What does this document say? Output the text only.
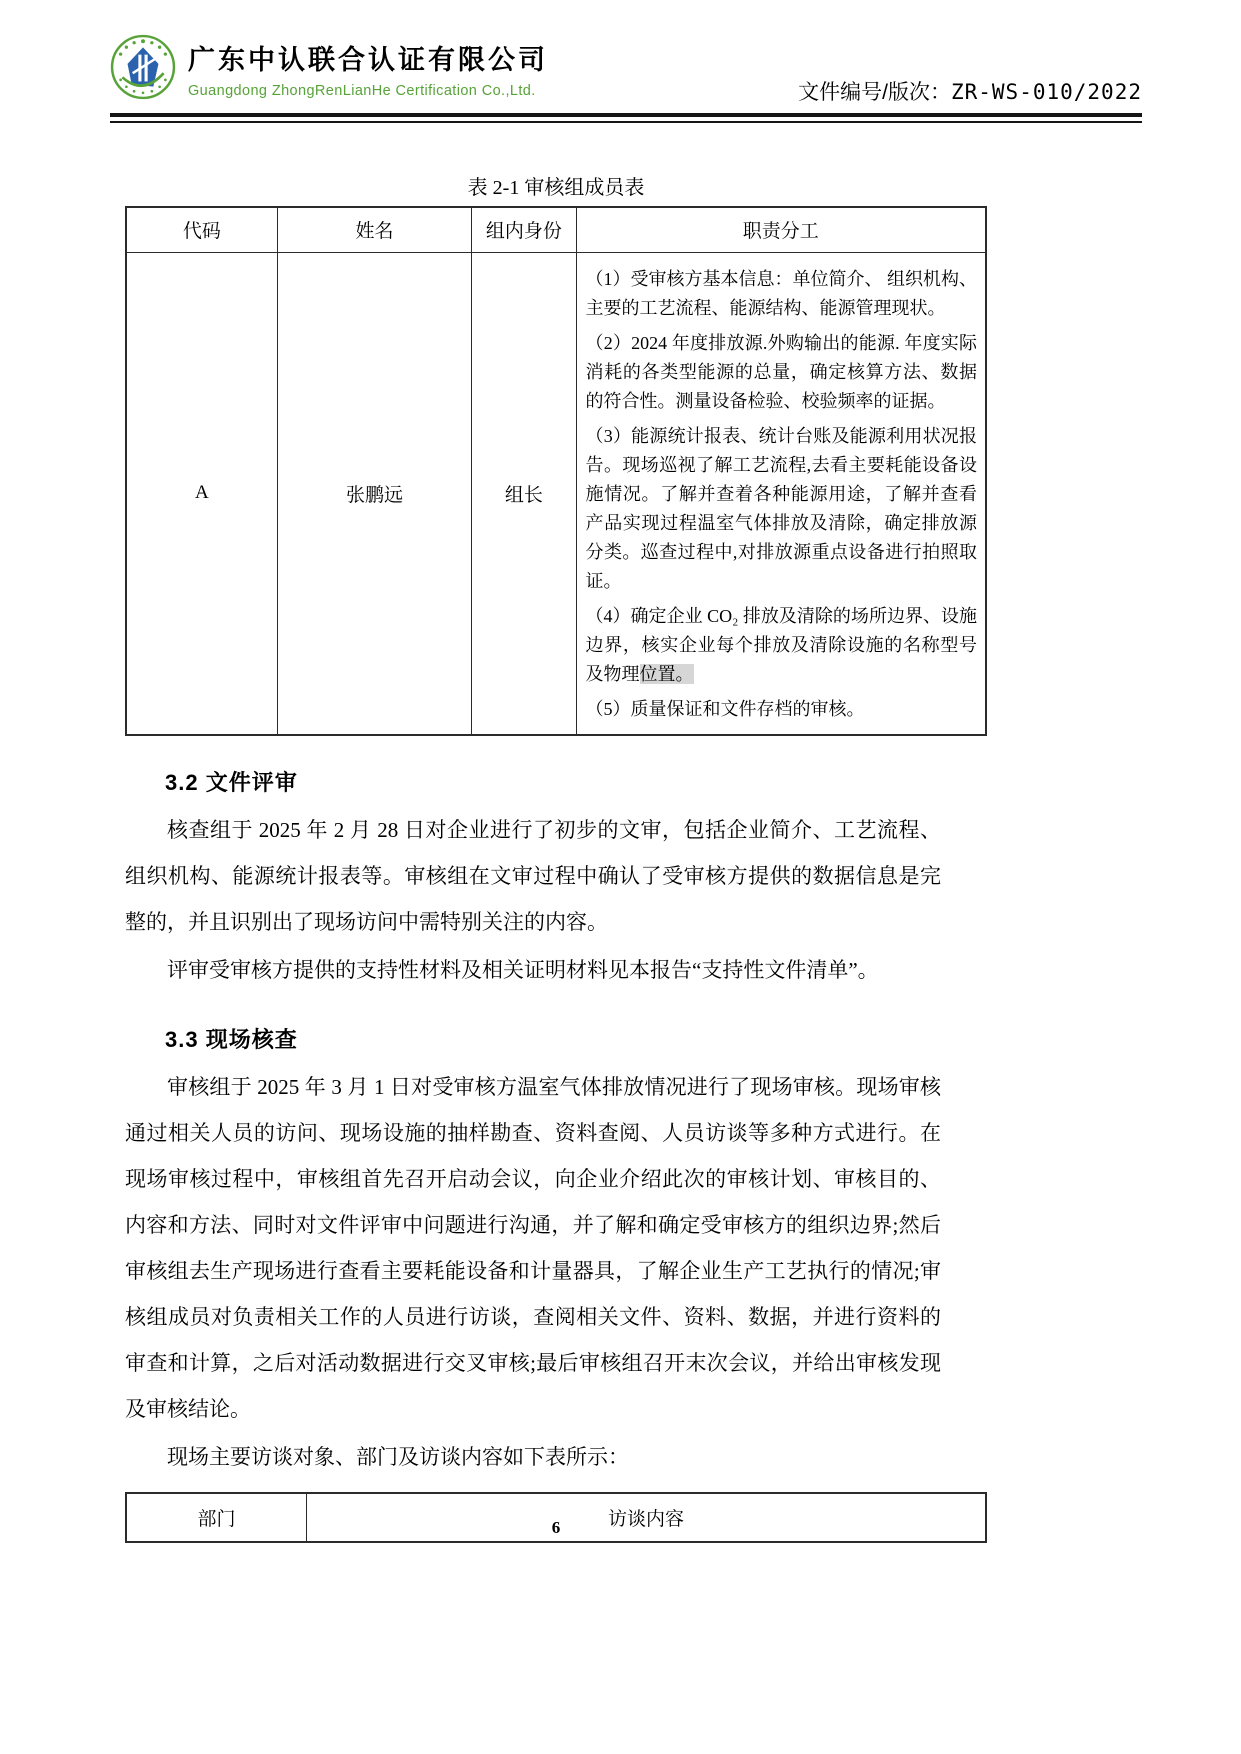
广东中认联合认证有限公司
Guangdong ZhongRenLianHe Certification Co.,Ltd.	文件编号/版次：ZR-WS-010/2022
表 2-1 审核组成员表
代码	姓名	组内身份	职责分工
A	张鹏远	组长	（1）受审核方基本信息：单位简介、 组织机构、主要的工艺流程、能源结构、能源管理现状。

（2）2024 年度排放源.外购输出的能源. 年度实际消耗的各类型能源的总量，确定核算方法、数据的符合性。测量设备检验、校验频率的证据。

（3）能源统计报表、统计台账及能源利用状况报告。现场巡视了解工艺流程,去看主要耗能设备设施情况。了解并查着各种能源用途，了解并查看产品实现过程温室气体排放及清除，确定排放源分类。巡查过程中,对排放源重点设备进行拍照取证。

（4）确定企业 CO₂ 排放及清除的场所边界、设施边界，核实企业每个排放及清除设施的名称型号及物理位置。

（5）质量保证和文件存档的审核。

3.2 文件评审

核查组于 2025 年 2 月 28 日对企业进行了初步的文审，包括企业简介、工艺流程、组织机构、能源统计报表等。审核组在文审过程中确认了受审核方提供的数据信息是完整的，并且识别出了现场访问中需特别关注的内容。

评审受审核方提供的支持性材料及相关证明材料见本报告“支持性文件清单”。

3.3 现场核查

审核组于 2025 年 3 月 1 日对受审核方温室气体排放情况进行了现场审核。现场审核通过相关人员的访问、现场设施的抽样勘查、资料查阅、人员访谈等多种方式进行。在现场审核过程中，审核组首先召开启动会议，向企业介绍此次的审核计划、审核目的、内容和方法、同时对文件评审中问题进行沟通，并了解和确定受审核方的组织边界;然后审核组去生产现场进行查看主要耗能设备和计量器具，了解企业生产工艺执行的情况;审核组成员对负责相关工作的人员进行访谈，查阅相关文件、资料、数据，并进行资料的审查和计算，之后对活动数据进行交叉审核;最后审核组召开末次会议，并给出审核发现及审核结论。

现场主要访谈对象、部门及访谈内容如下表所示：

部门	访谈内容
6
